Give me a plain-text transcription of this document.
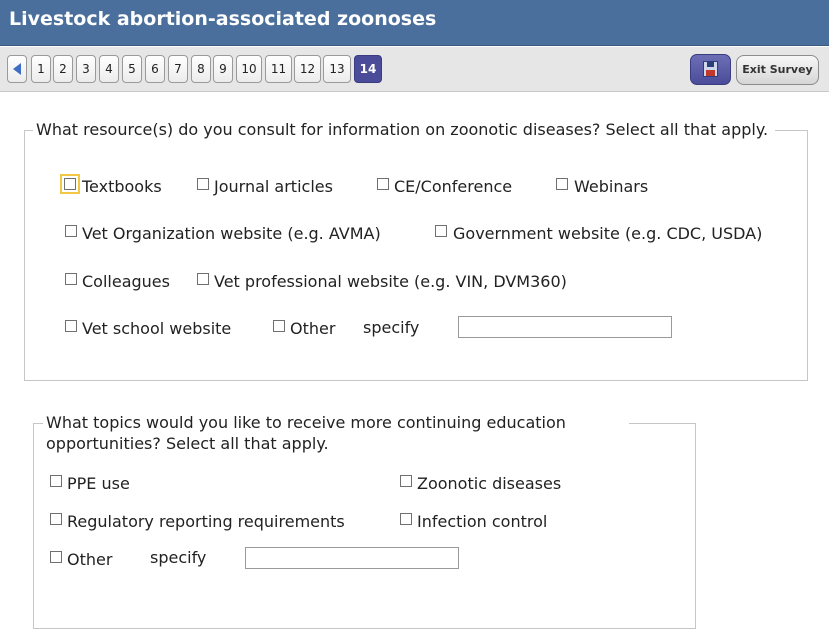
Livestock abortion-associated zoonoses
1	2	3	4	5	6	7	8	9	10	11	12	13	14	Exit Survey
What resource(s) do you consult for information on zoonotic diseases? Select all that apply.
Textbooks	Journal articles	CE/Conference	Webinars
Vet Organization website (e.g. AVMA)	Government website (e.g. CDC, USDA)
Colleagues	Vet professional website (e.g. VIN, DVM360)
Vet school website	Other specify
What topics would you like to receive more continuing education opportunities? Select all that apply.
PPE use	Zoonotic diseases
Regulatory reporting requirements	Infection control
Other specify
